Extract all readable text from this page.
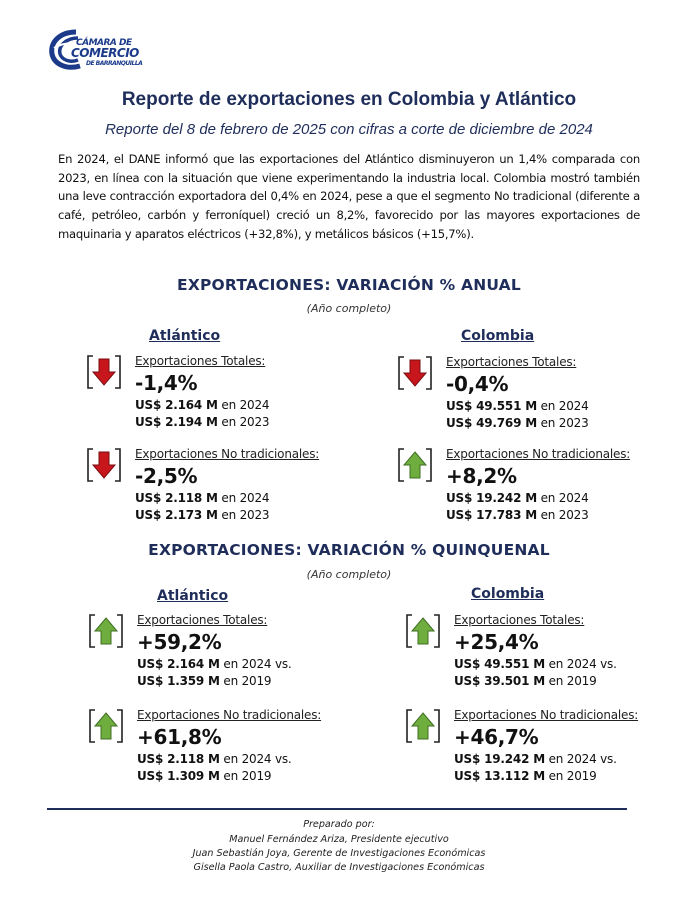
CÁMARA DE
COMERCIO
DE BARRANQUILLA
Reporte de exportaciones en Colombia y Atlántico
Reporte del 8 de febrero de 2025 con cifras a corte de diciembre de 2024
En 2024, el DANE informó que las exportaciones del Atlántico disminuyeron un 1,4% comparada con 2023, en línea con la situación que viene experimentando la industria local. Colombia mostró también una leve contracción exportadora del 0,4% en 2024, pese a que el segmento No tradicional (diferente a café, petróleo, carbón y ferroníquel) creció un 8,2%, favorecido por las mayores exportaciones de maquinaria y aparatos eléctricos (+32,8%), y metálicos básicos (+15,7%).
EXPORTACIONES: VARIACIÓN % ANUAL
(Año completo)
Atlántico	Colombia
Exportaciones Totales:
-1,4%
US$ 2.164 M en 2024
US$ 2.194 M en 2023
Exportaciones Totales:
-0,4%
US$ 49.551 M en 2024
US$ 49.769 M en 2023
Exportaciones No tradicionales:
-2,5%
US$ 2.118 M en 2024
US$ 2.173 M en 2023
Exportaciones No tradicionales:
+8,2%
US$ 19.242 M en 2024
US$ 17.783 M en 2023
EXPORTACIONES: VARIACIÓN % QUINQUENAL
(Año completo)
Atlántico	Colombia
Exportaciones Totales:
+59,2%
US$ 2.164 M en 2024 vs.
US$ 1.359 M en 2019
Exportaciones Totales:
+25,4%
US$ 49.551 M en 2024 vs.
US$ 39.501 M en 2019
Exportaciones No tradicionales:
+61,8%
US$ 2.118 M en 2024 vs.
US$ 1.309 M en 2019
Exportaciones No tradicionales:
+46,7%
US$ 19.242 M en 2024 vs.
US$ 13.112 M en 2019
Preparado por:
Manuel Fernández Ariza, Presidente ejecutivo
Juan Sebastián Joya, Gerente de Investigaciones Económicas
Gisella Paola Castro, Auxiliar de Investigaciones Económicas
